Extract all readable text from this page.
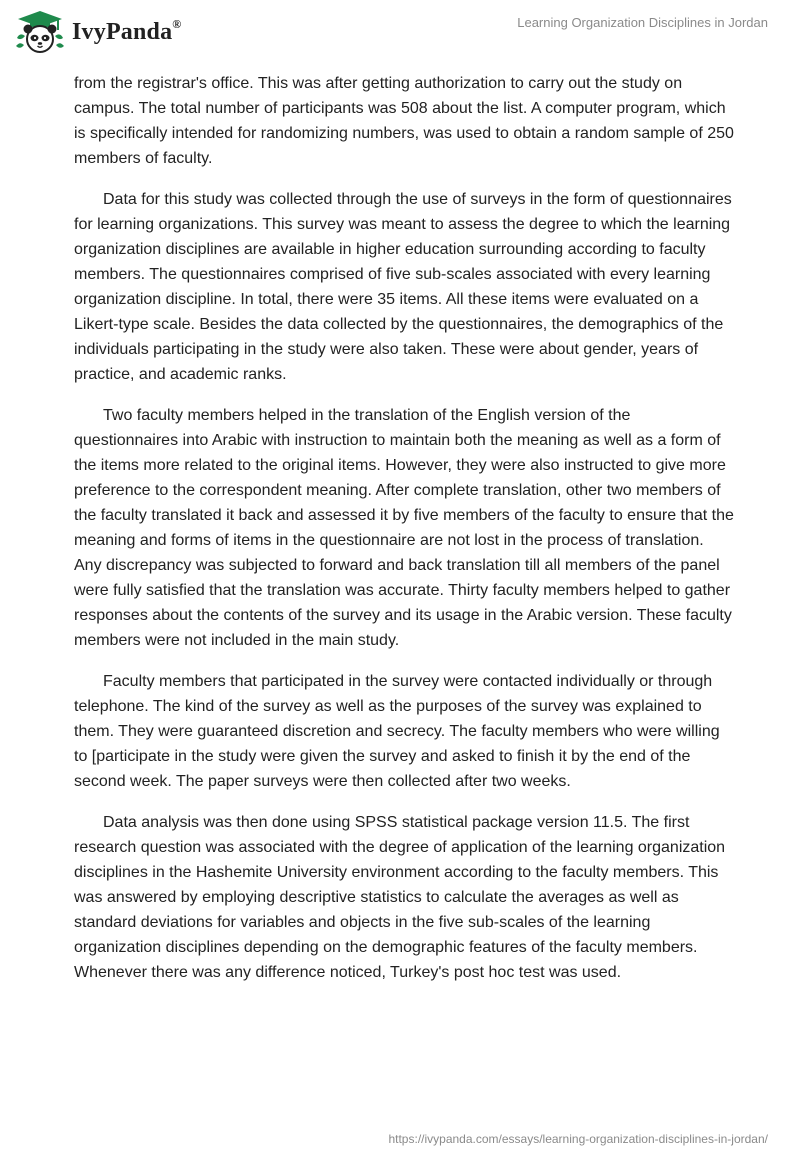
IvyPanda®	Learning Organization Disciplines in Jordan

from the registrar's office. This was after getting authorization to carry out the study on campus. The total number of participants was 508 about the list. A computer program, which is specifically intended for randomizing numbers, was used to obtain a random sample of 250 members of faculty.

Data for this study was collected through the use of surveys in the form of questionnaires for learning organizations. This survey was meant to assess the degree to which the learning organization disciplines are available in higher education surrounding according to faculty members. The questionnaires comprised of five sub-scales associated with every learning organization discipline. In total, there were 35 items. All these items were evaluated on a Likert-type scale. Besides the data collected by the questionnaires, the demographics of the individuals participating in the study were also taken. These were about gender, years of practice, and academic ranks.

Two faculty members helped in the translation of the English version of the questionnaires into Arabic with instruction to maintain both the meaning as well as a form of the items more related to the original items. However, they were also instructed to give more preference to the correspondent meaning. After complete translation, other two members of the faculty translated it back and assessed it by five members of the faculty to ensure that the meaning and forms of items in the questionnaire are not lost in the process of translation. Any discrepancy was subjected to forward and back translation till all members of the panel were fully satisfied that the translation was accurate. Thirty faculty members helped to gather responses about the contents of the survey and its usage in the Arabic version. These faculty members were not included in the main study.

Faculty members that participated in the survey were contacted individually or through telephone. The kind of the survey as well as the purposes of the survey was explained to them. They were guaranteed discretion and secrecy. The faculty members who were willing to [participate in the study were given the survey and asked to finish it by the end of the second week. The paper surveys were then collected after two weeks.

Data analysis was then done using SPSS statistical package version 11.5. The first research question was associated with the degree of application of the learning organization disciplines in the Hashemite University environment according to the faculty members. This was answered by employing descriptive statistics to calculate the averages as well as standard deviations for variables and objects in the five sub-scales of the learning organization disciplines depending on the demographic features of the faculty members. Whenever there was any difference noticed, Turkey's post hoc test was used.

https://ivypanda.com/essays/learning-organization-disciplines-in-jordan/
